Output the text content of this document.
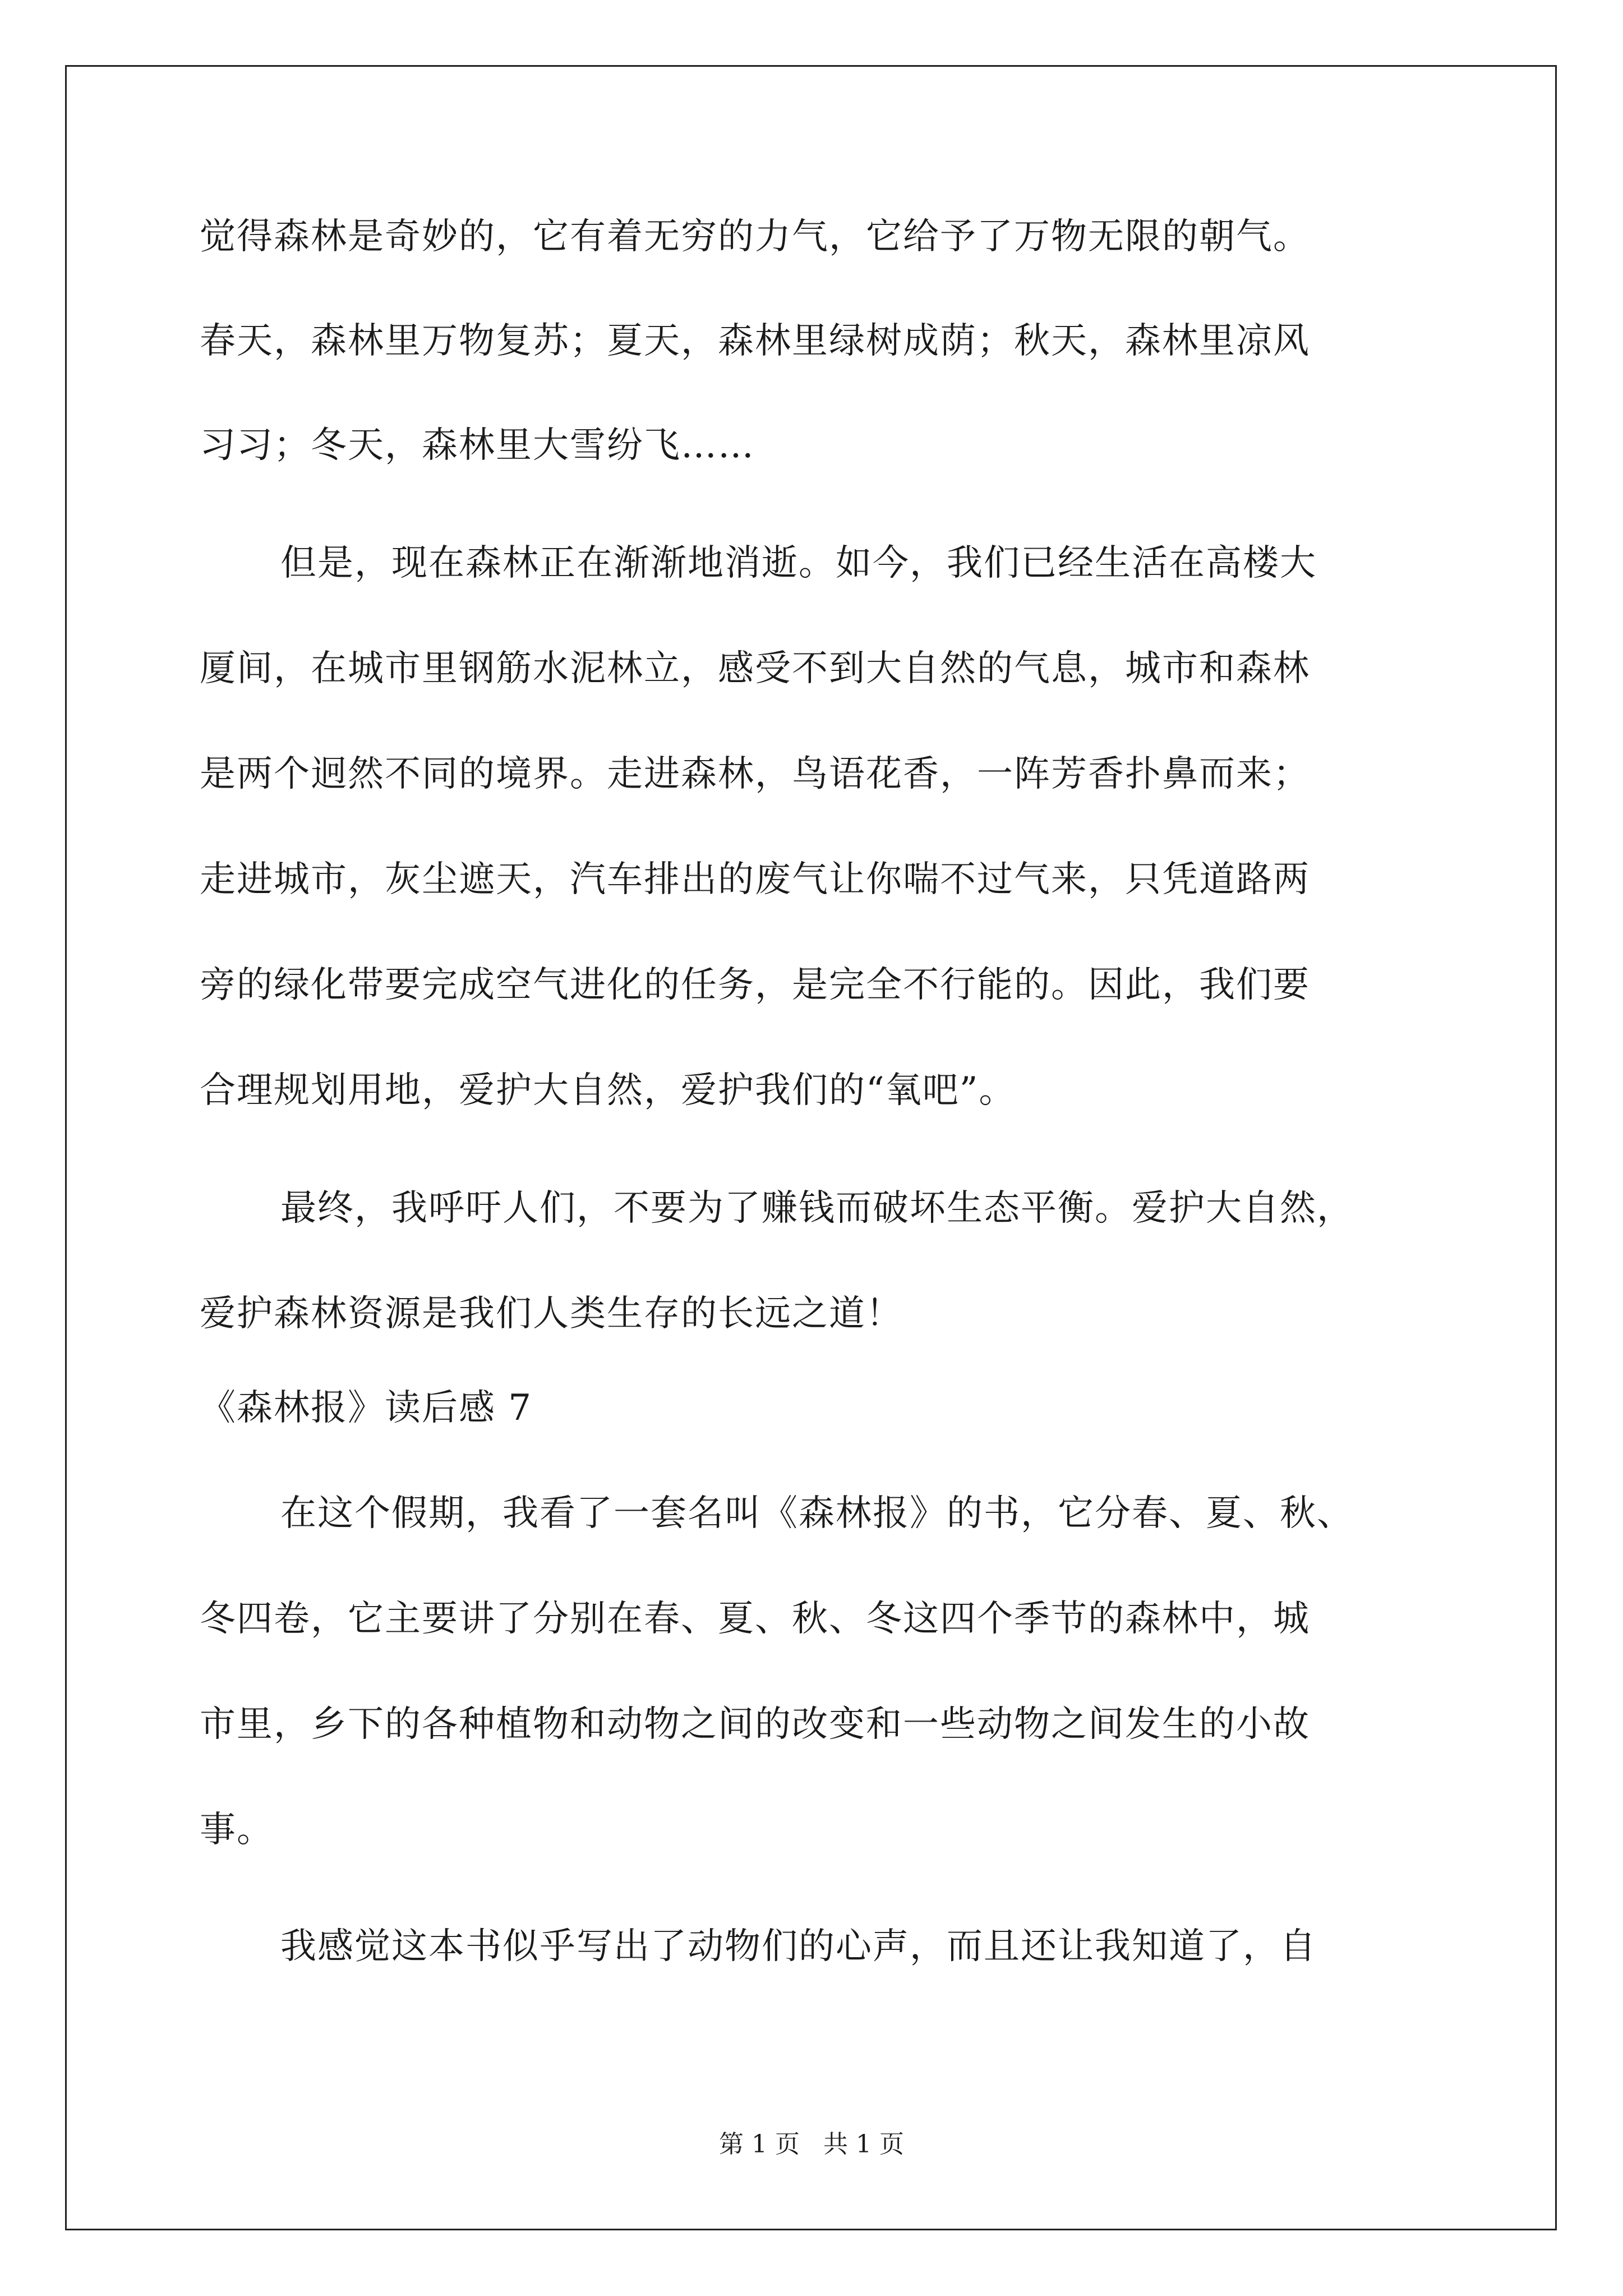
觉得森林是奇妙的，它有着无穷的力气，它给予了万物无限的朝气。
春天，森林里万物复苏；夏天，森林里绿树成荫；秋天，森林里凉风
习习；冬天，森林里大雪纷飞……
但是，现在森林正在渐渐地消逝。如今，我们已经生活在高楼大
厦间，在城市里钢筋水泥林立，感受不到大自然的气息，城市和森林
是两个迥然不同的境界。走进森林，鸟语花香，一阵芳香扑鼻而来；
走进城市，灰尘遮天，汽车排出的废气让你喘不过气来，只凭道路两
旁的绿化带要完成空气进化的任务，是完全不行能的。因此，我们要
合理规划用地，爱护大自然，爱护我们的“氧吧”。
最终，我呼吁人们，不要为了赚钱而破坏生态平衡。爱护大自然，
爱护森林资源是我们人类生存的长远之道！
《森林报》读后感 7
在这个假期，我看了一套名叫《森林报》的书，它分春、夏、秋、
冬四卷，它主要讲了分别在春、夏、秋、冬这四个季节的森林中，城
市里，乡下的各种植物和动物之间的改变和一些动物之间发生的小故
事。
我感觉这本书似乎写出了动物们的心声，而且还让我知道了，自
第 1 页   共 1 页
